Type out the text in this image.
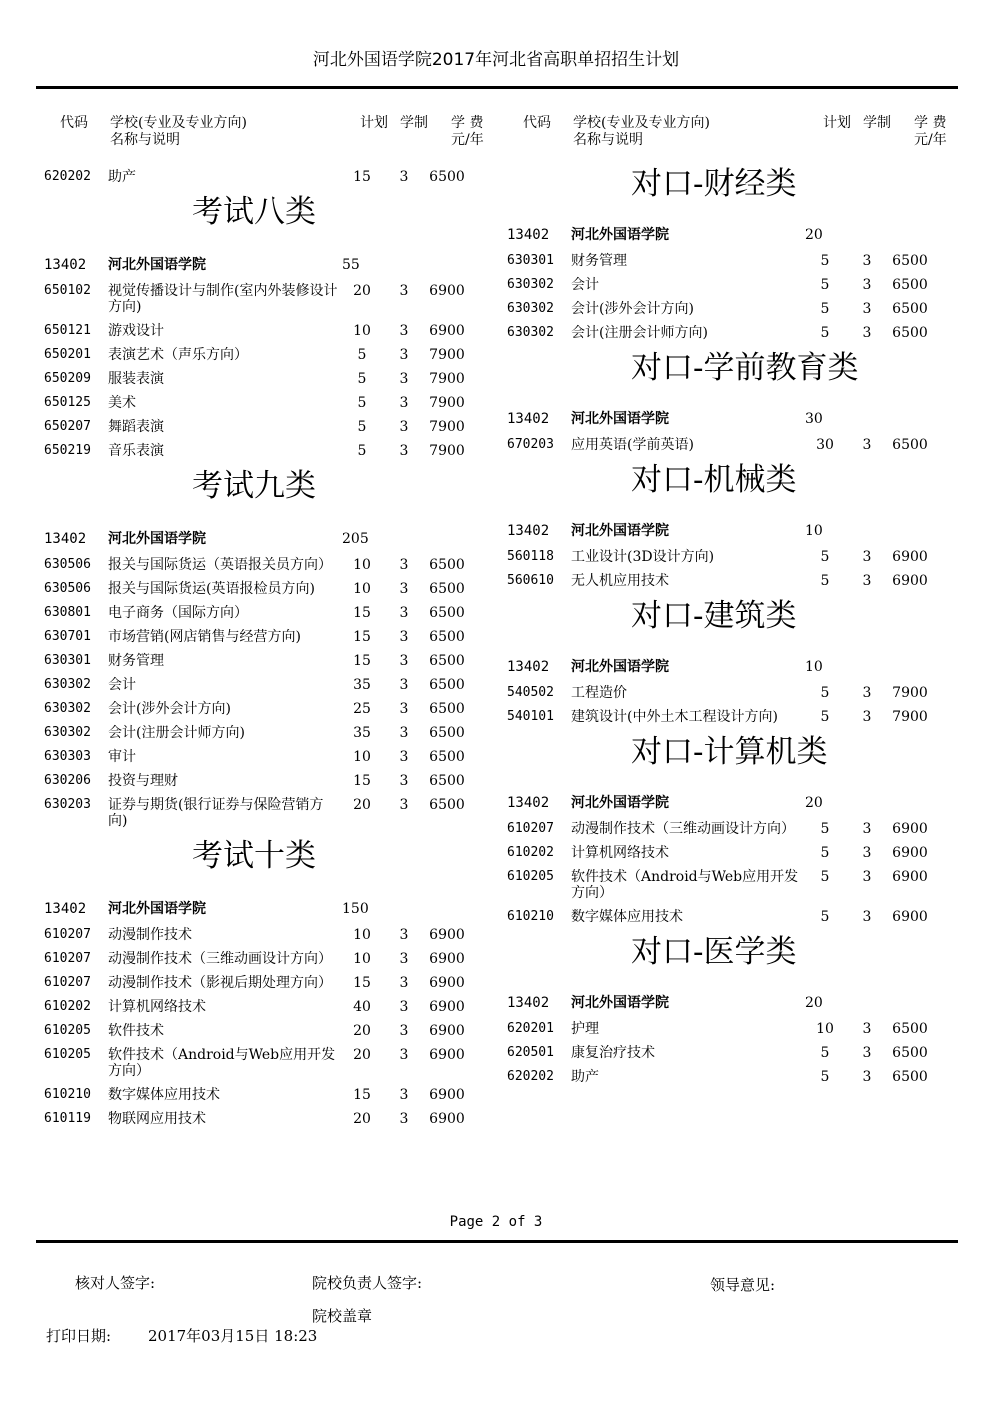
河北外国语学院2017年河北省高职单招招生计划
代码 学校(专业及专业方向)
名称与说明
计划 学制 学 费
元/年
620202	助产	15	3	6500
考试八类
13402	河北外国语学院	55
650102	视觉传播设计与制作(室内外装修设计方向)
20	3	6900
650121	游戏设计	10	3	6900
650201	表演艺术（声乐方向）	5	3	7900
650209	服装表演	5	3	7900
650125	美术	5	3	7900
650207	舞蹈表演	5	3	7900
650219	音乐表演	5	3	7900
考试九类
13402	河北外国语学院	205
630506	报关与国际货运（英语报关员方向）	10	3	6500
630506	报关与国际货运(英语报检员方向)	10	3	6500
630801	电子商务（国际方向）	15	3	6500
630701	市场营销(网店销售与经营方向)	15	3	6500
630301	财务管理	15	3	6500
630302	会计	35	3	6500
630302	会计(涉外会计方向)	25	3	6500
630302	会计(注册会计师方向)	35	3	6500
630303	审计	10	3	6500
630206	投资与理财	15	3	6500
630203	证券与期货(银行证券与保险营销方向)
20	3	6500
考试十类
13402	河北外国语学院	150
610207	动漫制作技术	10	3	6900
610207	动漫制作技术（三维动画设计方向）	10	3	6900
610207	动漫制作技术（影视后期处理方向）	15	3	6900
610202	计算机网络技术	40	3	6900
610205	软件技术	20	3	6900
610205	软件技术（Android与Web应用开发方向）
20	3	6900
610210	数字媒体应用技术	15	3	6900
610119	物联网应用技术	20	3	6900
代码 学校(专业及专业方向)
名称与说明
计划 学制 学 费
元/年
对口-财经类
13402	河北外国语学院	20
630301	财务管理	5	3	6500
630302	会计	5	3	6500
630302	会计(涉外会计方向)	5	3	6500
630302	会计(注册会计师方向)	5	3	6500
对口-学前教育类
13402	河北外国语学院	30
670203	应用英语(学前英语)	30	3	6500
对口-机械类
13402	河北外国语学院	10
560118	工业设计(3D设计方向)	5	3	6900
560610	无人机应用技术	5	3	6900
对口-建筑类
13402	河北外国语学院	10
540502	工程造价	5	3	7900
540101	建筑设计(中外土木工程设计方向)	5	3	7900
对口-计算机类
13402	河北外国语学院	20
610207	动漫制作技术（三维动画设计方向）	5	3	6900
610202	计算机网络技术	5	3	6900
610205	软件技术（Android与Web应用开发方向）
5	3	6900
610210	数字媒体应用技术	5	3	6900
对口-医学类
13402	河北外国语学院	20
620201	护理	10	3	6500
620501	康复治疗技术	5	3	6500
620202	助产	5	3	6500
Page 2 of 3
核对人签字:	院校负责人签字:	领导意见:
院校盖章
打印日期: 2017年03月15日 18:23
